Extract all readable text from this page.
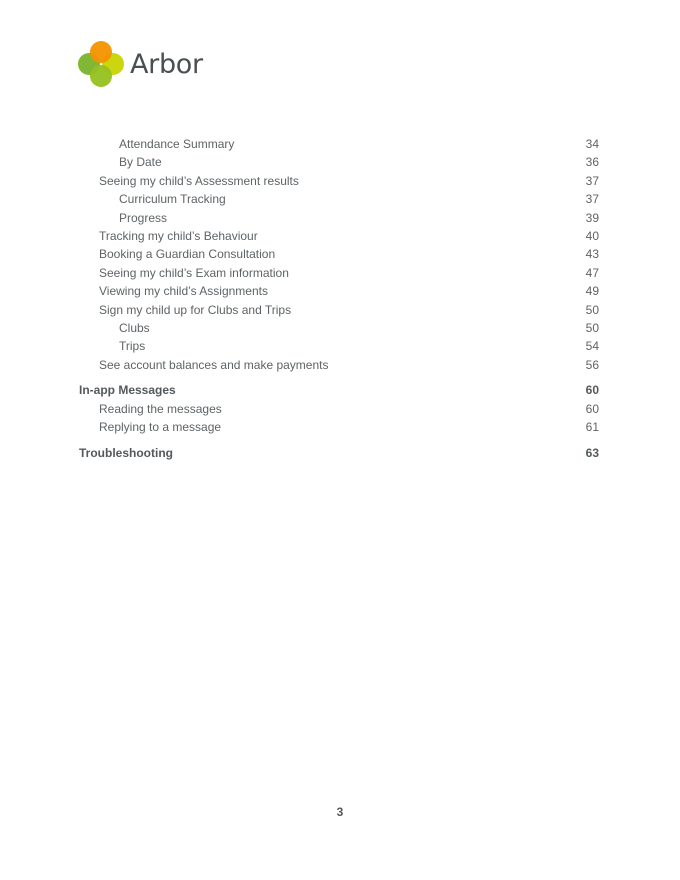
Arbor
Attendance Summary	34
By Date	36
Seeing my child’s Assessment results	37
Curriculum Tracking	37
Progress	39
Tracking my child’s Behaviour	40
Booking a Guardian Consultation	43
Seeing my child’s Exam information	47
Viewing my child’s Assignments	49
Sign my child up for Clubs and Trips	50
Clubs	50
Trips	54
See account balances and make payments	56
In-app Messages	60
Reading the messages	60
Replying to a message	61
Troubleshooting	63
3
